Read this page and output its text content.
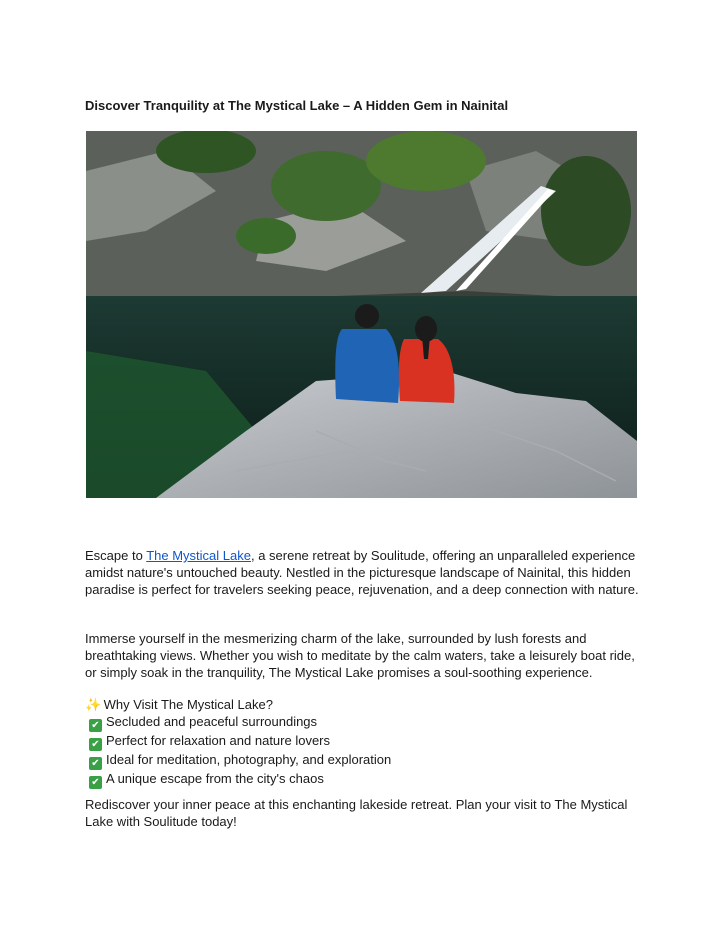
Discover Tranquility at The Mystical Lake – A Hidden Gem in Nainital

Escape to The Mystical Lake, a serene retreat by Soulitude, offering an unparalleled experience amidst nature's untouched beauty. Nestled in the picturesque landscape of Nainital, this hidden paradise is perfect for travelers seeking peace, rejuvenation, and a deep connection with nature.

Immerse yourself in the mesmerizing charm of the lake, surrounded by lush forests and breathtaking views. Whether you wish to meditate by the calm waters, take a leisurely boat ride, or simply soak in the tranquility, The Mystical Lake promises a soul-soothing experience.

✨ Why Visit The Mystical Lake?
✔ Secluded and peaceful surroundings
✔ Perfect for relaxation and nature lovers
✔ Ideal for meditation, photography, and exploration
✔ A unique escape from the city's chaos

Rediscover your inner peace at this enchanting lakeside retreat. Plan your visit to The Mystical Lake with Soulitude today!
